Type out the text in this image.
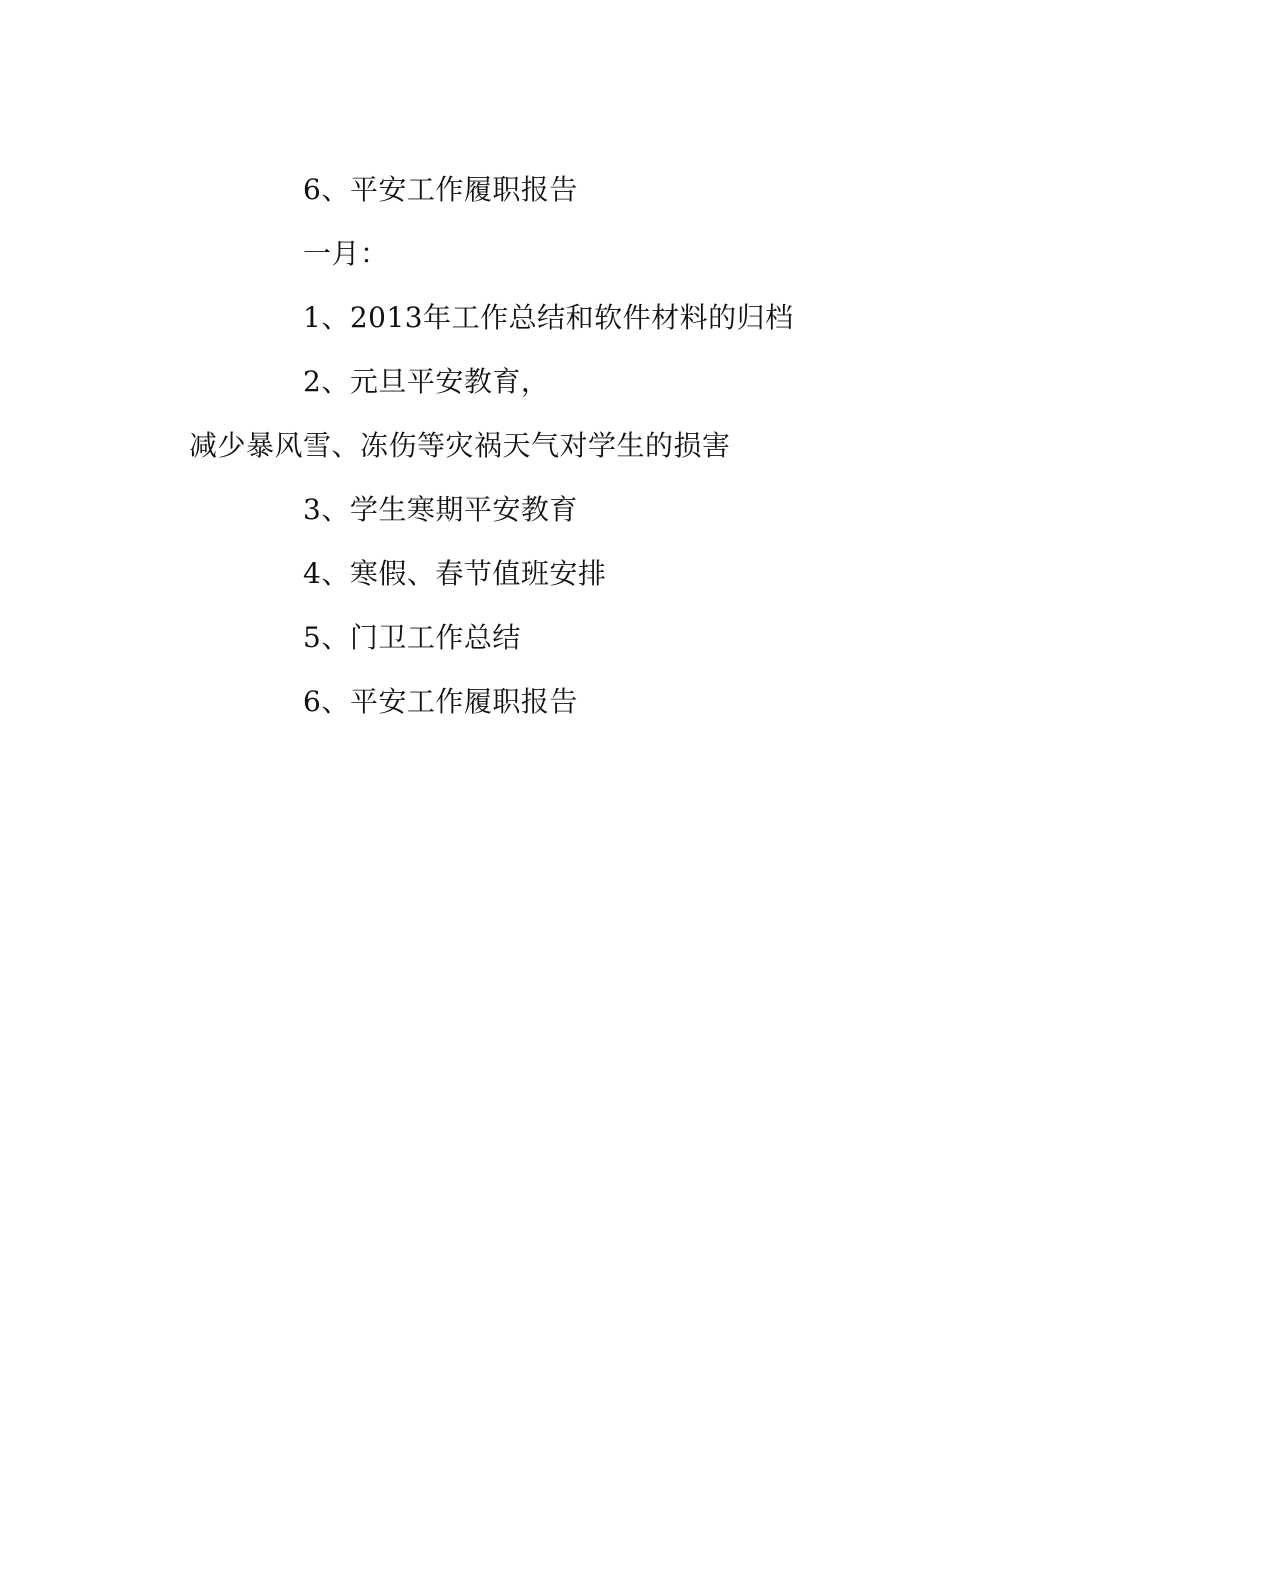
6、平安工作履职报告
一月：
1、2013年工作总结和软件材料的归档
2、元旦平安教育，
减少暴风雪、冻伤等灾祸天气对学生的损害
3、学生寒期平安教育
4、寒假、春节值班安排
5、门卫工作总结
6、平安工作履职报告
